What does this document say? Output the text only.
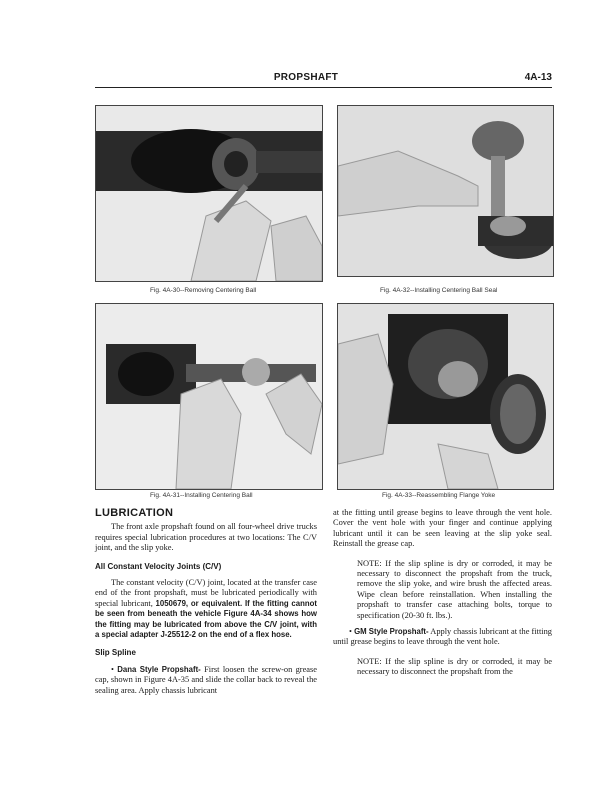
PROPSHAFT	4A-13
Fig. 4A-30--Removing Centering Ball	Fig. 4A-32--Installing Centering Ball Seal
Fig. 4A-31--Installing Centering Ball	Fig. 4A-33--Reassembling Flange Yoke
LUBRICATION

The front axle propshaft found on all four-wheel drive trucks requires special lubrication procedures at two locations: The C/V joint, and the slip yoke.

All Constant Velocity Joints (C/V)

The constant velocity (C/V) joint, located at the transfer case end of the front propshaft, must be lubricated periodically with special lubricant, 1050679, or equivalent. If the fitting cannot be seen from beneath the vehicle Figure 4A-34 shows how the fitting may be lubricated from above the C/V joint, with a special adapter J-25512-2 on the end of a flex hose.

Slip Spline

• Dana Style Propshaft- First loosen the screw-on grease cap, shown in Figure 4A-35 and slide the collar back to reveal the sealing area. Apply chassis lubricant

at the fitting until grease begins to leave through the vent hole. Cover the vent hole with your finger and continue applying lubricant until it can be seen leaving at the slip yoke seal. Reinstall the grease cap.

NOTE: If the slip spline is dry or corroded, it may be necessary to disconnect the propshaft from the truck, remove the slip yoke, and wire brush the affected areas. Wipe clean before reinstallation. When installing the propshaft to transfer case attaching bolts, torque to specification (20-30 ft. lbs.).

• GM Style Propshaft- Apply chassis lubricant at the fitting until grease begins to leave through the vent hole.

NOTE: If the slip spline is dry or corroded, it may be necessary to disconnect the propshaft from the
